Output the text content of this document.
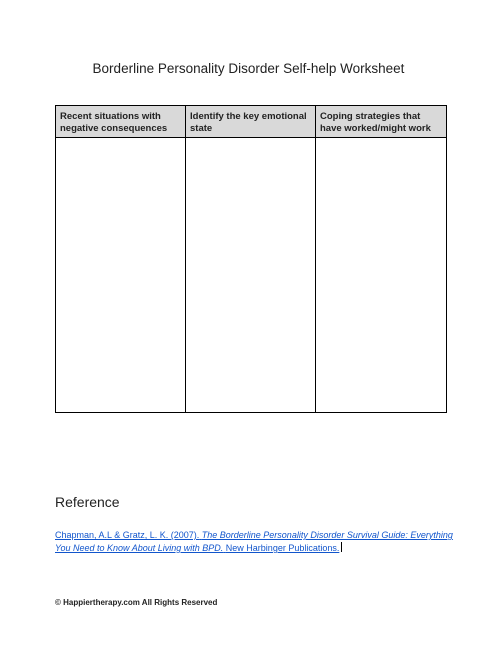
Borderline Personality Disorder Self-help Worksheet
Recent situations with negative consequences	Identify the key emotional state	Coping strategies that have worked/might work

Reference
Chapman, A.L & Gratz, L. K. (2007). The Borderline Personality Disorder Survival Guide: Everything You Need to Know About Living with BPD. New Harbinger Publications.
© Happiertherapy.com All Rights Reserved
